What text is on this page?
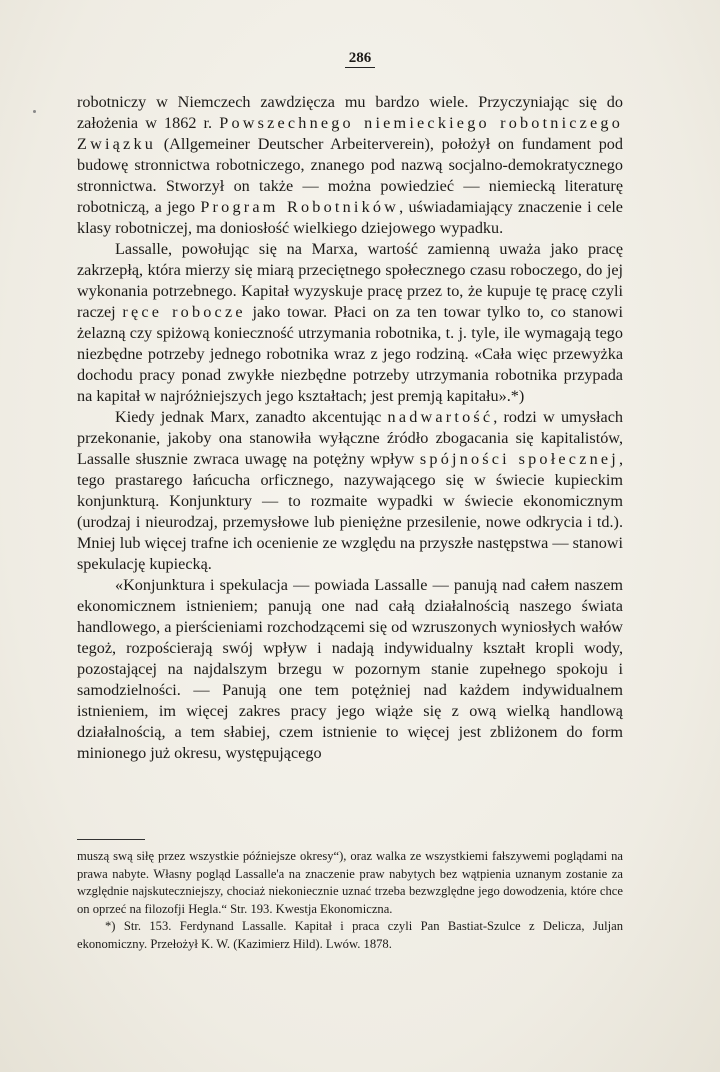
286

robotniczy w Niemczech zawdzięcza mu bardzo wiele. Przyczyniając się do założenia w 1862 r. Powszechnego niemieckiego robotniczego Związku (Allgemeiner Deutscher Arbeiterverein), położył on fundament pod budowę stronnictwa robotniczego, znanego pod nazwą socjalno-demokratycznego stronnictwa. Stworzył on także — można powiedzieć — niemiecką literaturę robotniczą, a jego Program Robotników, uświadamiający znaczenie i cele klasy robotniczej, ma doniosłość wielkiego dziejowego wypadku.

Lassalle, powołując się na Marxa, wartość zamienną uważa jako pracę zakrzepłą, która mierzy się miarą przeciętnego społecznego czasu roboczego, do jej wykonania potrzebnego. Kapitał wyzyskuje pracę przez to, że kupuje tę pracę czyli raczej ręce robocze jako towar. Płaci on za ten towar tylko to, co stanowi żelazną czy spiżową konieczność utrzymania robotnika, t. j. tyle, ile wymagają tego niezbędne potrzeby jednego robotnika wraz z jego rodziną. «Cała więc przewyżka dochodu pracy ponad zwykłe niezbędne potrzeby utrzymania robotnika przypada na kapitał w najróżniejszych jego kształtach; jest premją kapitału».*)

Kiedy jednak Marx, zanadto akcentując nadwartość, rodzi w umysłach przekonanie, jakoby ona stanowiła wyłączne źródło zbogacania się kapitalistów, Lassalle słusznie zwraca uwagę na potężny wpływ spójności społecznej, tego prastarego łańcucha orficznego, nazywającego się w świecie kupieckim konjunkturą. Konjunktury — to rozmaite wypadki w świecie ekonomicznym (urodzaj i nieurodzaj, przemysłowe lub pieniężne przesilenie, nowe odkrycia i td.). Mniej lub więcej trafne ich ocenienie ze względu na przyszłe następstwa — stanowi spekulację kupiecką.

«Konjunktura i spekulacja — powiada Lassalle — panują nad całem naszem ekonomicznem istnieniem; panują one nad całą działalnością naszego świata handlowego, a pierścieniami rozchodzącemi się od wzruszonych wyniosłych wałów tegoż, rozpościerają swój wpływ i nadają indywidualny kształt kropli wody, pozostającej na najdalszym brzegu w pozornym stanie zupełnego spokoju i samodzielności. — Panują one tem potężniej nad każdem indywidualnem istnieniem, im więcej zakres pracy jego wiąże się z ową wielką handlową działalnością, a tem słabiej, czem istnienie to więcej jest zbliżonem do form minionego już okresu, występującego

muszą swą siłę przez wszystkie późniejsze okresy“), oraz walka ze wszystkiemi fałszywemi poglądami na prawa nabyte. Własny pogląd Lassalle'a na znaczenie praw nabytych bez wątpienia uznanym zostanie za względnie najskuteczniejszy, chociaż niekoniecznie uznać trzeba bezwzględne jego dowodzenia, które chce on oprzeć na filozofji Hegla.“ Str. 193. Kwestja Ekonomiczna.

*) Str. 153. Ferdynand Lassalle. Kapitał i praca czyli Pan Bastiat-Szulce z Delicza, Juljan ekonomiczny. Przełożył K. W. (Kazimierz Hild). Lwów. 1878.
